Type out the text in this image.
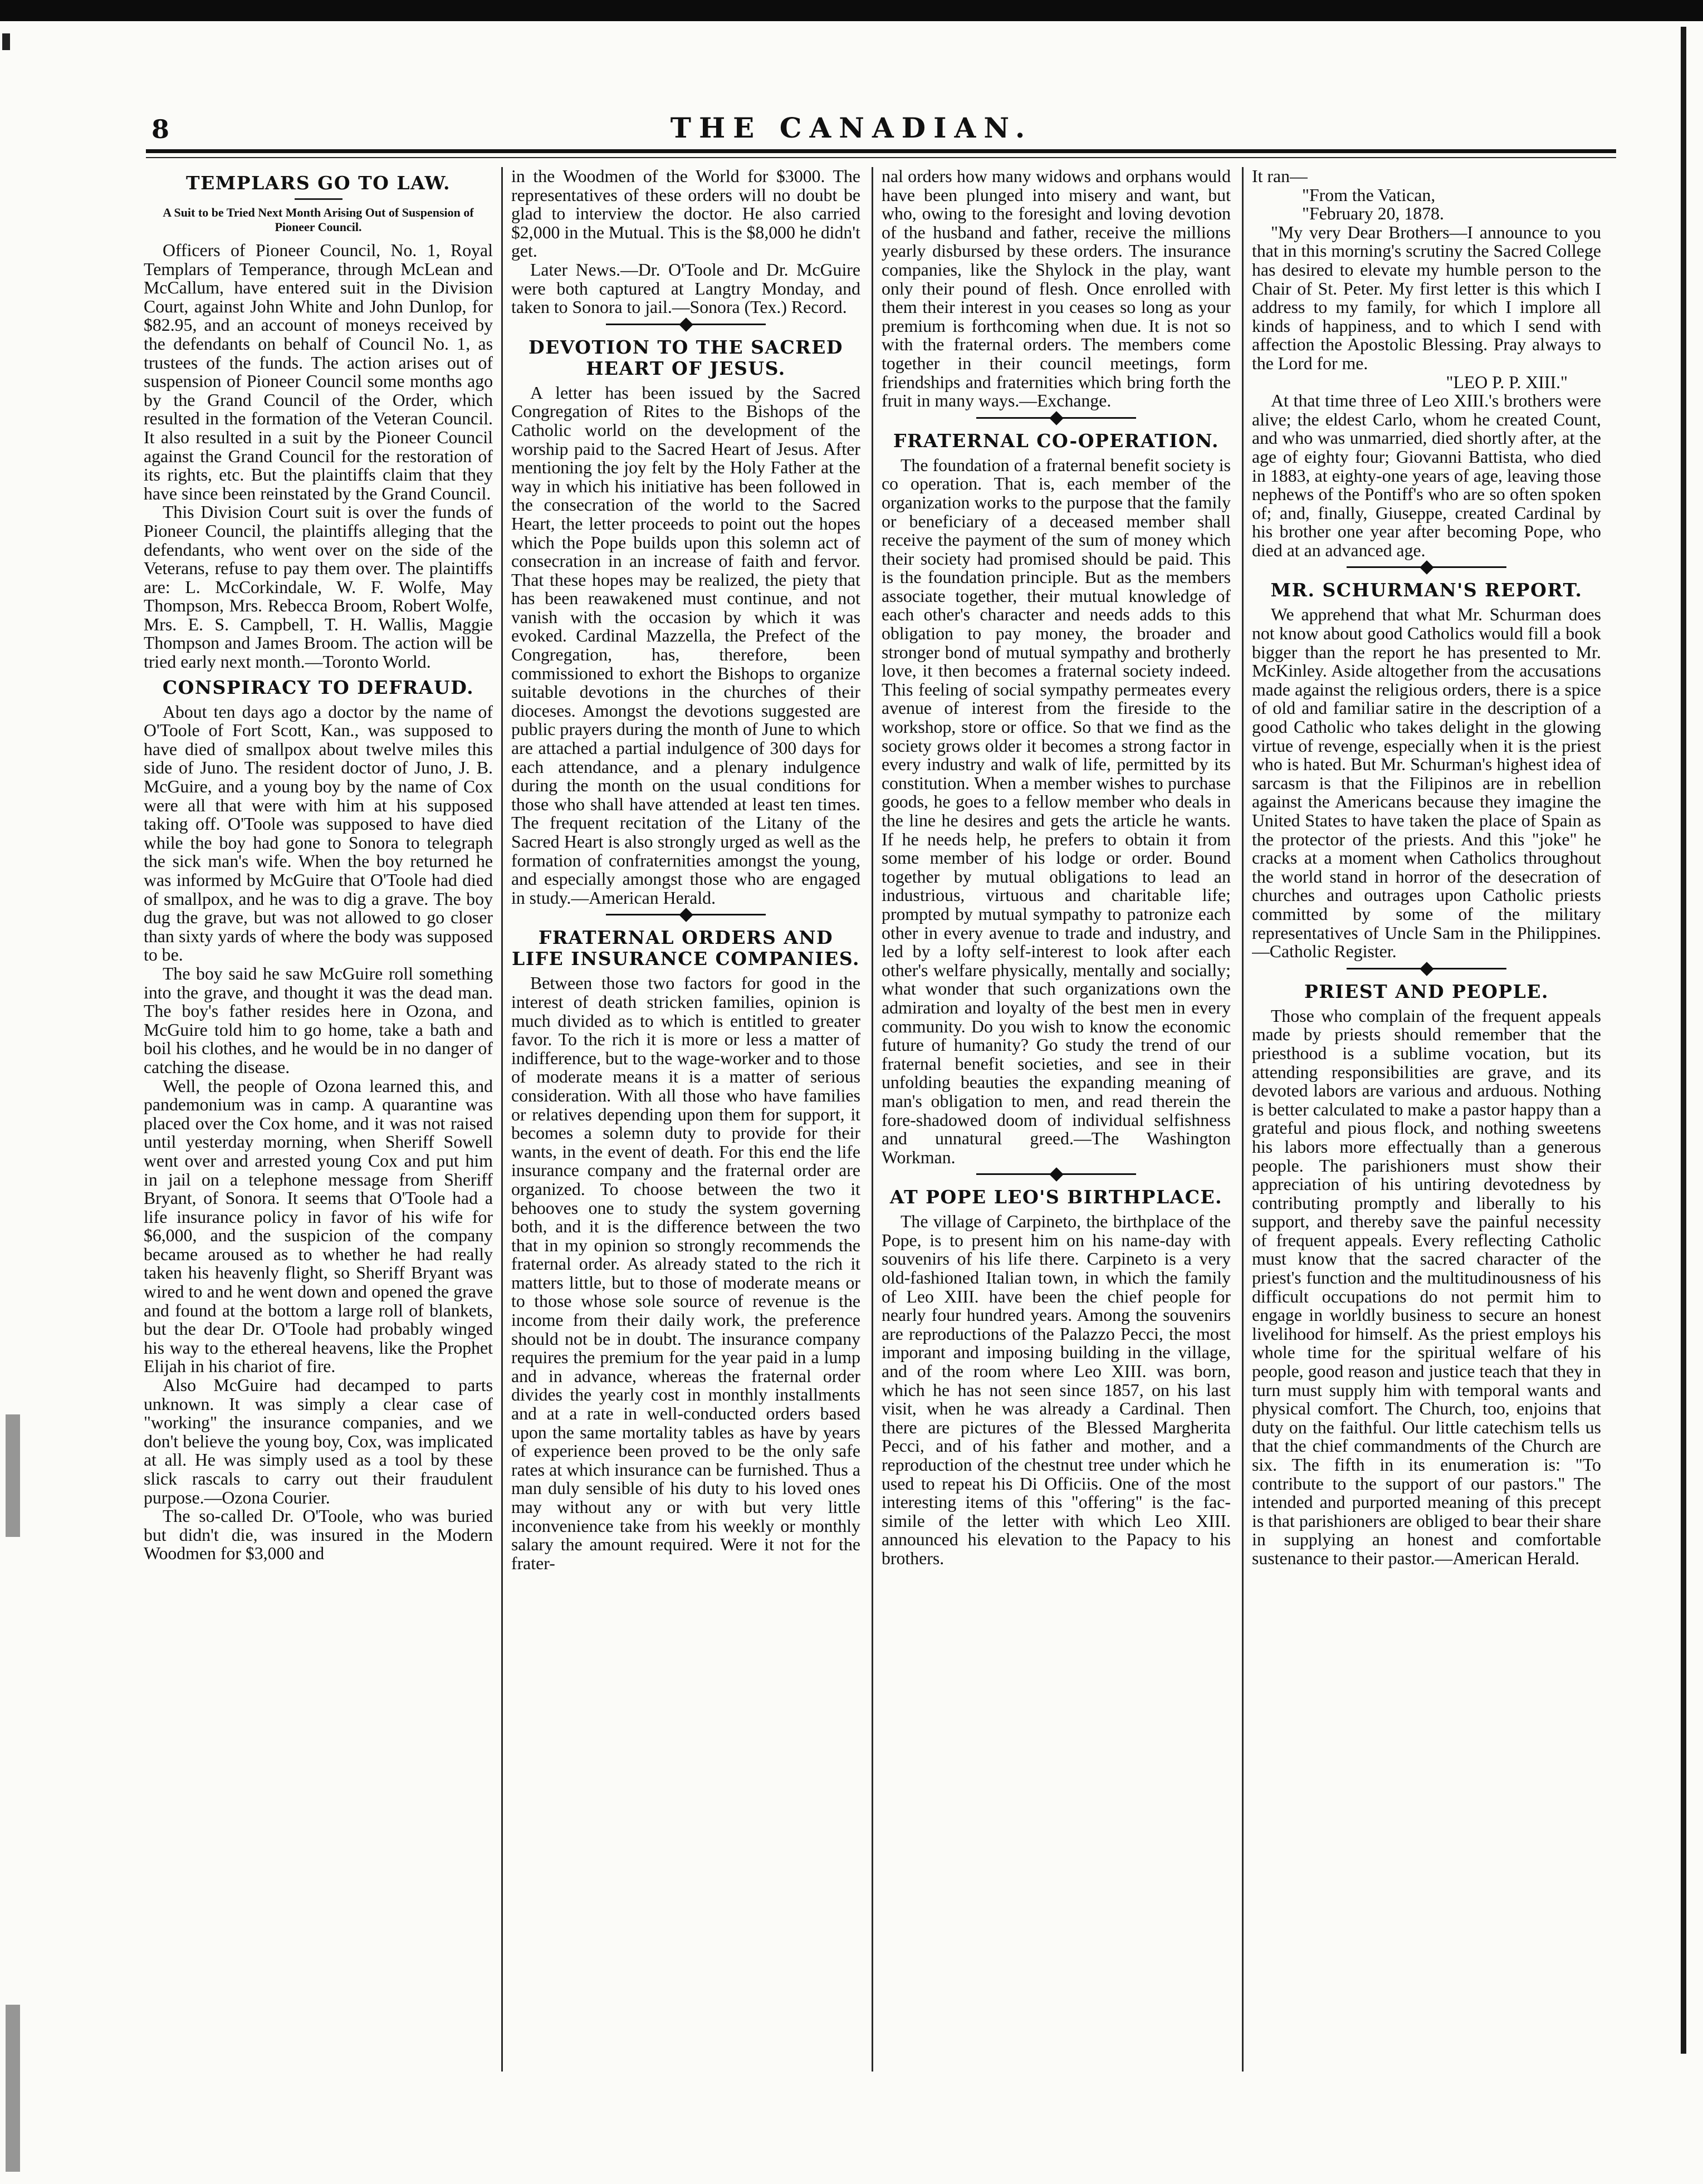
8	THE CANADIAN.
TEMPLARS GO TO LAW.
A Suit to be Tried Next Month Arising Out of Suspension of Pioneer Council.

Officers of Pioneer Council, No. 1, Royal Templars of Temperance, through McLean and McCallum, have entered suit in the Division Court, against John White and John Dunlop, for $82.95, and an account of moneys received by the defendants on behalf of Council No. 1, as trustees of the funds. The action arises out of suspension of Pioneer Council some months ago by the Grand Council of the Order, which resulted in the formation of the Veteran Council. It also resulted in a suit by the Pioneer Council against the Grand Council for the restoration of its rights, etc. But the plaintiffs claim that they have since been reinstated by the Grand Council.

This Division Court suit is over the funds of Pioneer Council, the plaintiffs alleging that the defendants, who went over on the side of the Veterans, refuse to pay them over. The plaintiffs are: L. McCorkindale, W. F. Wolfe, May Thompson, Mrs. Rebecca Broom, Robert Wolfe, Mrs. E. S. Campbell, T. H. Wallis, Maggie Thompson and James Broom. The action will be tried early next month.—Toronto World.

CONSPIRACY TO DEFRAUD.

About ten days ago a doctor by the name of O'Toole of Fort Scott, Kan., was supposed to have died of smallpox about twelve miles this side of Juno. The resident doctor of Juno, J. B. McGuire, and a young boy by the name of Cox were all that were with him at his supposed taking off. O'Toole was supposed to have died while the boy had gone to Sonora to telegraph the sick man's wife. When the boy returned he was informed by McGuire that O'Toole had died of smallpox, and he was to dig a grave. The boy dug the grave, but was not allowed to go closer than sixty yards of where the body was supposed to be.

The boy said he saw McGuire roll something into the grave, and thought it was the dead man. The boy's father resides here in Ozona, and McGuire told him to go home, take a bath and boil his clothes, and he would be in no danger of catching the disease.

Well, the people of Ozona learned this, and pandemonium was in camp. A quarantine was placed over the Cox home, and it was not raised until yesterday morning, when Sheriff Sowell went over and arrested young Cox and put him in jail on a telephone message from Sheriff Bryant, of Sonora. It seems that O'Toole had a life insurance policy in favor of his wife for $6,000, and the suspicion of the company became aroused as to whether he had really taken his heavenly flight, so Sheriff Bryant was wired to and he went down and opened the grave and found at the bottom a large roll of blankets, but the dear Dr. O'Toole had probably winged his way to the ethereal heavens, like the Prophet Elijah in his chariot of fire.

Also McGuire had decamped to parts unknown. It was simply a clear case of "working" the insurance companies, and we don't believe the young boy, Cox, was implicated at all. He was simply used as a tool by these slick rascals to carry out their fraudulent purpose.—Ozona Courier.

The so-called Dr. O'Toole, who was buried but didn't die, was insured in the Modern Woodmen for $3,000 and

in the Woodmen of the World for $3000. The representatives of these orders will no doubt be glad to interview the doctor. He also carried $2,000 in the Mutual. This is the $8,000 he didn't get.

Later News.—Dr. O'Toole and Dr. McGuire were both captured at Langtry Monday, and taken to Sonora to jail.—Sonora (Tex.) Record.

DEVOTION TO THE SACRED HEART OF JESUS.

A letter has been issued by the Sacred Congregation of Rites to the Bishops of the Catholic world on the development of the worship paid to the Sacred Heart of Jesus. After mentioning the joy felt by the Holy Father at the way in which his initiative has been followed in the consecration of the world to the Sacred Heart, the letter proceeds to point out the hopes which the Pope builds upon this solemn act of consecration in an increase of faith and fervor. That these hopes may be realized, the piety that has been reawakened must continue, and not vanish with the occasion by which it was evoked. Cardinal Mazzella, the Prefect of the Congregation, has, therefore, been commissioned to exhort the Bishops to organize suitable devotions in the churches of their dioceses. Amongst the devotions suggested are public prayers during the month of June to which are attached a partial indulgence of 300 days for each attendance, and a plenary indulgence during the month on the usual conditions for those who shall have attended at least ten times. The frequent recitation of the Litany of the Sacred Heart is also strongly urged as well as the formation of confraternities amongst the young, and especially amongst those who are engaged in study.—American Herald.

FRATERNAL ORDERS AND LIFE INSURANCE COMPANIES.

Between those two factors for good in the interest of death stricken families, opinion is much divided as to which is entitled to greater favor. To the rich it is more or less a matter of indifference, but to the wage-worker and to those of moderate means it is a matter of serious consideration. With all those who have families or relatives depending upon them for support, it becomes a solemn duty to provide for their wants, in the event of death. For this end the life insurance company and the fraternal order are organized. To choose between the two it behooves one to study the system governing both, and it is the difference between the two that in my opinion so strongly recommends the fraternal order. As already stated to the rich it matters little, but to those of moderate means or to those whose sole source of revenue is the income from their daily work, the preference should not be in doubt. The insurance company requires the premium for the year paid in a lump and in advance, whereas the fraternal order divides the yearly cost in monthly installments and at a rate in well-conducted orders based upon the same mortality tables as have by years of experience been proved to be the only safe rates at which insurance can be furnished. Thus a man duly sensible of his duty to his loved ones may without any or with but very little inconvenience take from his weekly or monthly salary the amount required. Were it not for the frater-

nal orders how many widows and orphans would have been plunged into misery and want, but who, owing to the foresight and loving devotion of the husband and father, receive the millions yearly disbursed by these orders. The insurance companies, like the Shylock in the play, want only their pound of flesh. Once enrolled with them their interest in you ceases so long as your premium is forthcoming when due. It is not so with the fraternal orders. The members come together in their council meetings, form friendships and fraternities which bring forth the fruit in many ways.—Exchange.

FRATERNAL CO-OPERATION.

The foundation of a fraternal benefit society is co operation. That is, each member of the organization works to the purpose that the family or beneficiary of a deceased member shall receive the payment of the sum of money which their society had promised should be paid. This is the foundation principle. But as the members associate together, their mutual knowledge of each other's character and needs adds to this obligation to pay money, the broader and stronger bond of mutual sympathy and brotherly love, it then becomes a fraternal society indeed. This feeling of social sympathy permeates every avenue of interest from the fireside to the workshop, store or office. So that we find as the society grows older it becomes a strong factor in every industry and walk of life, permitted by its constitution. When a member wishes to purchase goods, he goes to a fellow member who deals in the line he desires and gets the article he wants. If he needs help, he prefers to obtain it from some member of his lodge or order. Bound together by mutual obligations to lead an industrious, virtuous and charitable life; prompted by mutual sympathy to patronize each other in every avenue to trade and industry, and led by a lofty self-interest to look after each other's welfare physically, mentally and socially; what wonder that such organizations own the admiration and loyalty of the best men in every community. Do you wish to know the economic future of humanity? Go study the trend of our fraternal benefit societies, and see in their unfolding beauties the expanding meaning of man's obligation to men, and read therein the fore-shadowed doom of individual selfishness and unnatural greed.—The Washington Workman.

AT POPE LEO'S BIRTHPLACE.

The village of Carpineto, the birthplace of the Pope, is to present him on his name-day with souvenirs of his life there. Carpineto is a very old-fashioned Italian town, in which the family of Leo XIII. have been the chief people for nearly four hundred years. Among the souvenirs are reproductions of the Palazzo Pecci, the most imporant and imposing building in the village, and of the room where Leo XIII. was born, which he has not seen since 1857, on his last visit, when he was already a Cardinal. Then there are pictures of the Blessed Margherita Pecci, and of his father and mother, and a reproduction of the chestnut tree under which he used to repeat his Di Officiis. One of the most interesting items of this "offering" is the fac-simile of the letter with which Leo XIII. announced his elevation to the Papacy to his brothers.

It ran—

"From the Vatican,

"February 20, 1878.

"My very Dear Brothers—I announce to you that in this morning's scrutiny the Sacred College has desired to elevate my humble person to the Chair of St. Peter. My first letter is this which I address to my family, for which I implore all kinds of happiness, and to which I send with affection the Apostolic Blessing. Pray always to the Lord for me.

"LEO P. P. XIII."

At that time three of Leo XIII.'s brothers were alive; the eldest Carlo, whom he created Count, and who was unmarried, died shortly after, at the age of eighty four; Giovanni Battista, who died in 1883, at eighty-one years of age, leaving those nephews of the Pontiff's who are so often spoken of; and, finally, Giuseppe, created Cardinal by his brother one year after becoming Pope, who died at an advanced age.

MR. SCHURMAN'S REPORT.

We apprehend that what Mr. Schurman does not know about good Catholics would fill a book bigger than the report he has presented to Mr. McKinley. Aside altogether from the accusations made against the religious orders, there is a spice of old and familiar satire in the description of a good Catholic who takes delight in the glowing virtue of revenge, especially when it is the priest who is hated. But Mr. Schurman's highest idea of sarcasm is that the Filipinos are in rebellion against the Americans because they imagine the United States to have taken the place of Spain as the protector of the priests. And this "joke" he cracks at a moment when Catholics throughout the world stand in horror of the desecration of churches and outrages upon Catholic priests committed by some of the military representatives of Uncle Sam in the Philippines.—Catholic Register.

PRIEST AND PEOPLE.

Those who complain of the frequent appeals made by priests should remember that the priesthood is a sublime vocation, but its attending responsibilities are grave, and its devoted labors are various and arduous. Nothing is better calculated to make a pastor happy than a grateful and pious flock, and nothing sweetens his labors more effectually than a generous people. The parishioners must show their appreciation of his untiring devotedness by contributing promptly and liberally to his support, and thereby save the painful necessity of frequent appeals. Every reflecting Catholic must know that the sacred character of the priest's function and the multitudinousness of his difficult occupations do not permit him to engage in worldly business to secure an honest livelihood for himself. As the priest employs his whole time for the spiritual welfare of his people, good reason and justice teach that they in turn must supply him with temporal wants and physical comfort. The Church, too, enjoins that duty on the faithful. Our little catechism tells us that the chief commandments of the Church are six. The fifth in its enumeration is: "To contribute to the support of our pastors." The intended and purported meaning of this precept is that parishioners are obliged to bear their share in supplying an honest and comfortable sustenance to their pastor.—American Herald.
